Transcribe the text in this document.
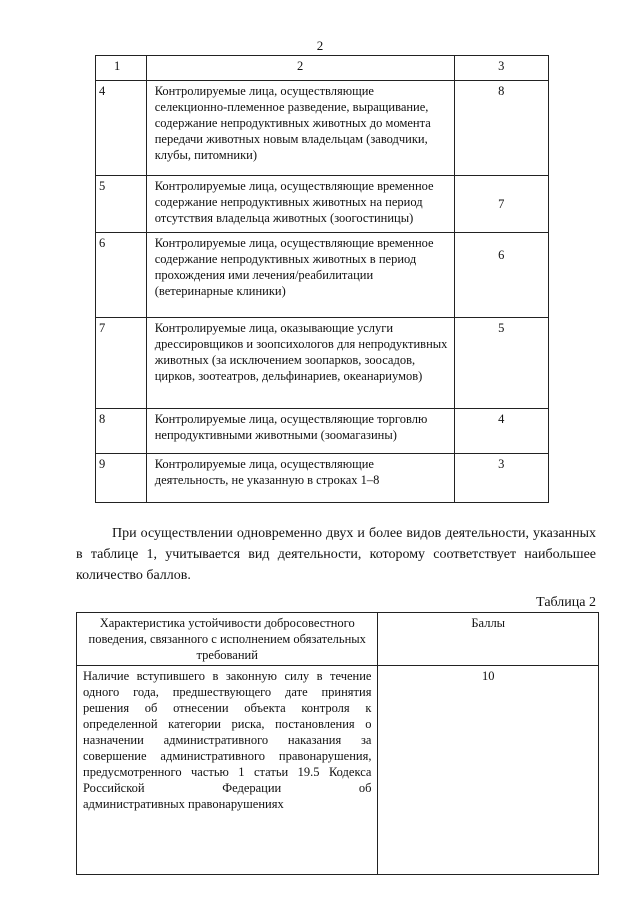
2
1	2	3
4	Контролируемые лица, осуществляющие селекционно-племенное разведение, выращивание, содержание непродуктивных животных до момента передачи животных новым владельцам (заводчики, клубы, питомники)	8
5	Контролируемые лица, осуществляющие временное содержание непродуктивных животных на период отсутствия владельца животных (зоогостиницы)	7
6	Контролируемые лица, осуществляющие временное содержание непродуктивных животных в период прохождения ими лечения/реабилитации (ветеринарные клиники)	6
7	Контролируемые лица, оказывающие услуги дрессировщиков и зоопсихологов для непродуктивных животных (за исключением зоопарков, зоосадов, цирков, зоотеатров, дельфинариев, океанариумов)	5
8	Контролируемые лица, осуществляющие торговлю непродуктивными животными (зоомагазины)	4
9	Контролируемые лица, осуществляющие деятельность, не указанную в строках 1–8	3

При осуществлении одновременно двух и более видов деятельности, указанных в таблице 1, учитывается вид деятельности, которому соответствует наибольшее количество баллов.

Таблица 2
Характеристика устойчивости добросовестного поведения, связанного с исполнением обязательных требований	Баллы
Наличие вступившего в законную силу в течение одного года, предшествующего дате принятия решения об отнесении объекта контроля к определенной категории риска, постановления о назначении административного наказания за совершение административного правонарушения, предусмотренного частью 1 статьи 19.5 Кодекса Российской Федерации об
административных правонарушениях	10
